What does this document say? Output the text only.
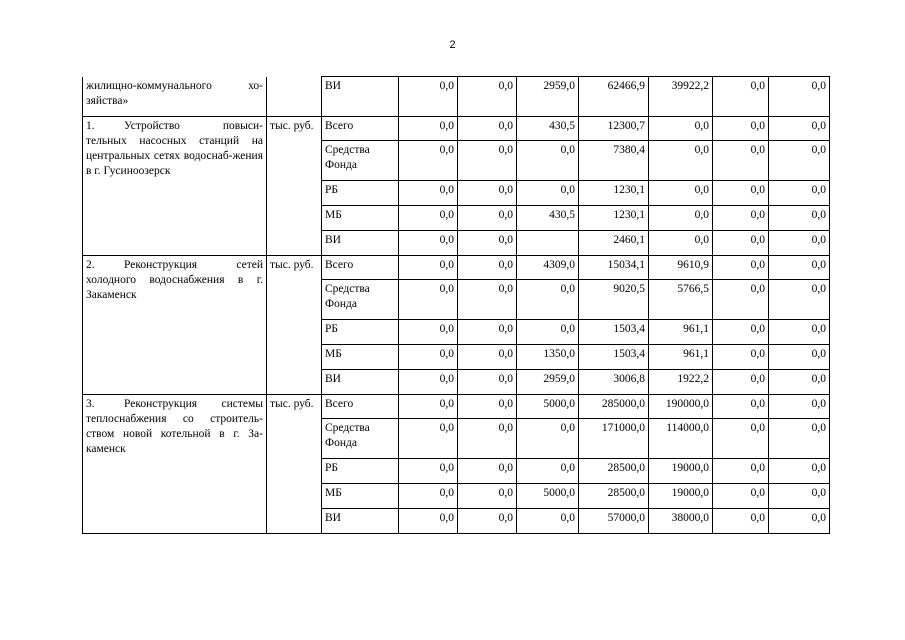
2
жилищно-коммунального хо-зяйства»		ВИ	0,0	0,0	2959,0	62466,9	39922,2	0,0	0,0
1. Устройство повыси-тельных насосных станций на центральных сетях водоснаб-жения в г. Гусиноозерск	тыс. руб.	Всего	0,0	0,0	430,5	12300,7	0,0	0,0	0,0
		Средства Фонда	0,0	0,0	0,0	7380,4	0,0	0,0	0,0
		РБ	0,0	0,0	0,0	1230,1	0,0	0,0	0,0
		МБ	0,0	0,0	430,5	1230,1	0,0	0,0	0,0
		ВИ	0,0	0,0		2460,1	0,0	0,0	0,0
2. Реконструкция сетей холодного водоснабжения в г. Закаменск	тыс. руб.	Всего	0,0	0,0	4309,0	15034,1	9610,9	0,0	0,0
		Средства Фонда	0,0	0,0	0,0	9020,5	5766,5	0,0	0,0
		РБ	0,0	0,0	0,0	1503,4	961,1	0,0	0,0
		МБ	0,0	0,0	1350,0	1503,4	961,1	0,0	0,0
		ВИ	0,0	0,0	2959,0	3006,8	1922,2	0,0	0,0
3. Реконструкция системы теплоснабжения со строитель-ством новой котельной в г. За-каменск	тыс. руб.	Всего	0,0	0,0	5000,0	285000,0	190000,0	0,0	0,0
		Средства Фонда	0,0	0,0	0,0	171000,0	114000,0	0,0	0,0
		РБ	0,0	0,0	0,0	28500,0	19000,0	0,0	0,0
		МБ	0,0	0,0	5000,0	28500,0	19000,0	0,0	0,0
		ВИ	0,0	0,0	0,0	57000,0	38000,0	0,0	0,0
